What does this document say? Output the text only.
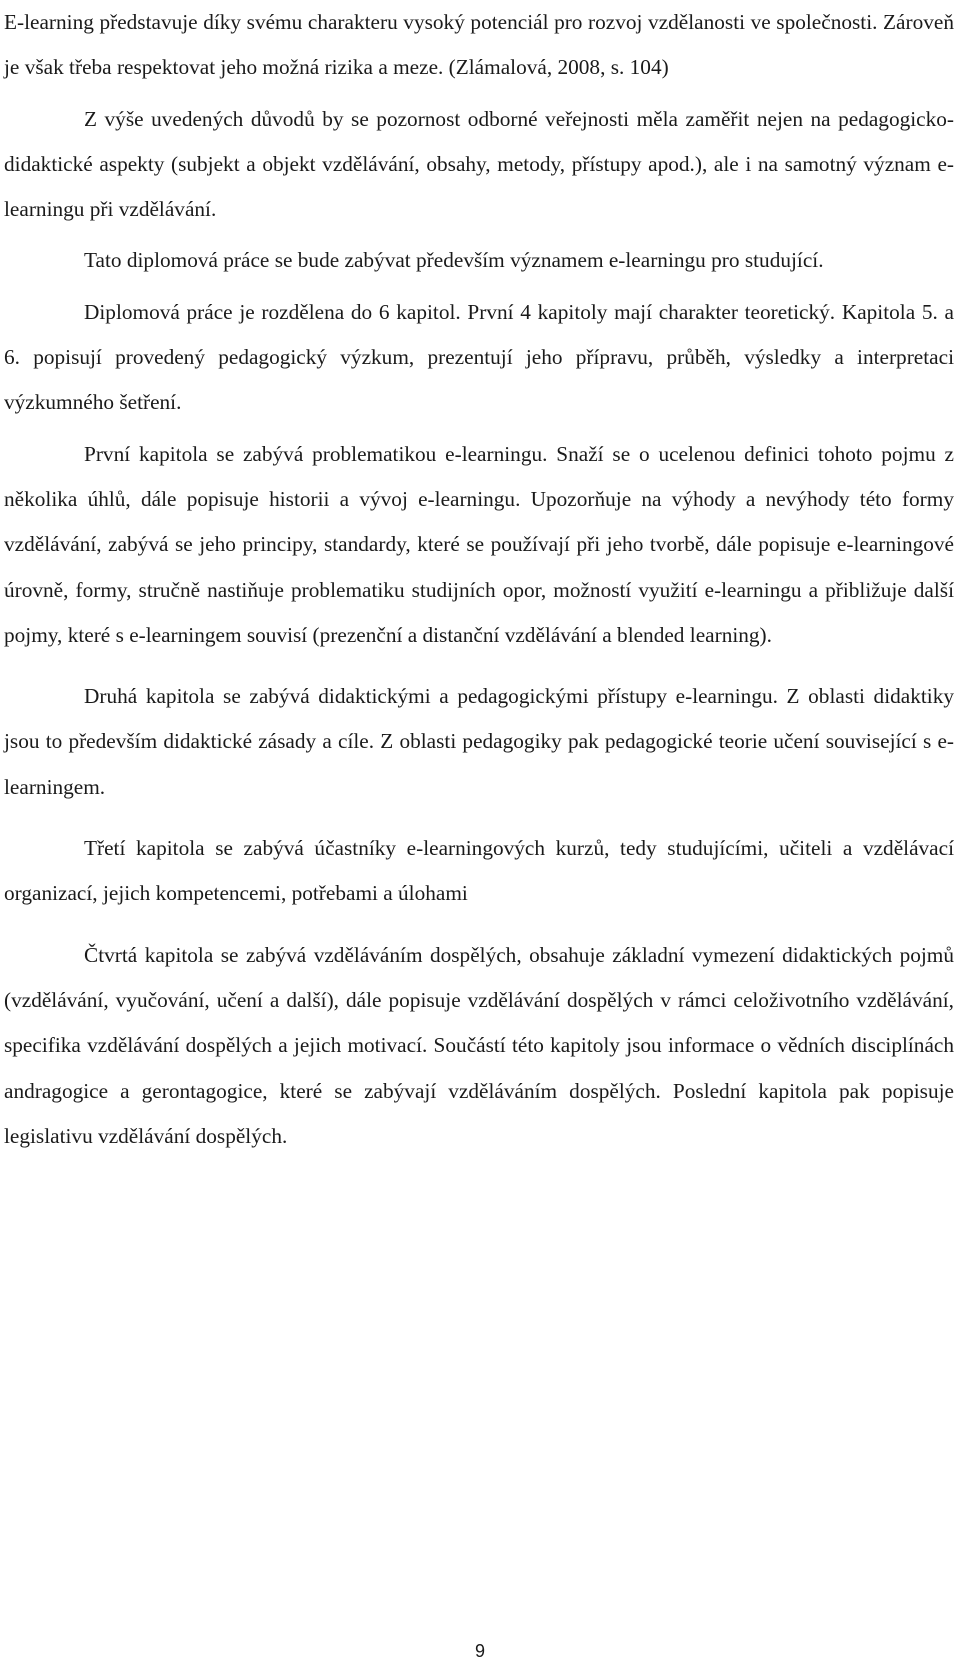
E-learning představuje díky svému charakteru vysoký potenciál pro rozvoj vzdělanosti ve společnosti. Zároveň je však třeba respektovat jeho možná rizika a meze. (Zlámalová, 2008, s. 104)

Z výše uvedených důvodů by se pozornost odborné veřejnosti měla zaměřit nejen na pedagogicko-didaktické aspekty (subjekt a objekt vzdělávání, obsahy, metody, přístupy apod.), ale i na samotný význam e-learningu při vzdělávání.

Tato diplomová práce se bude zabývat především významem e-learningu pro studující.

Diplomová práce je rozdělena do 6 kapitol. První 4 kapitoly mají charakter teoretický. Kapitola 5. a 6. popisují provedený pedagogický výzkum, prezentují jeho přípravu, průběh, výsledky a interpretaci výzkumného šetření.

První kapitola se zabývá problematikou e-learningu. Snaží se o ucelenou definici tohoto pojmu z několika úhlů, dále popisuje historii a vývoj e-learningu. Upozorňuje na výhody a nevýhody této formy vzdělávání, zabývá se jeho principy, standardy, které se používají při jeho tvorbě, dále popisuje e-learningové úrovně, formy, stručně nastiňuje problematiku studijních opor, možností využití e-learningu a přibližuje další pojmy, které s e-learningem souvisí (prezenční a distanční vzdělávání a blended learning).

Druhá kapitola se zabývá didaktickými a pedagogickými přístupy e-learningu. Z oblasti didaktiky jsou to především didaktické zásady a cíle. Z oblasti pedagogiky pak pedagogické teorie učení související s e-learningem.

Třetí kapitola se zabývá účastníky e-learningových kurzů, tedy studujícími, učiteli a vzdělávací organizací, jejich kompetencemi, potřebami a úlohami

Čtvrtá kapitola se zabývá vzděláváním dospělých, obsahuje základní vymezení didaktických pojmů (vzdělávání, vyučování, učení a další), dále popisuje vzdělávání dospělých v rámci celoživotního vzdělávání, specifika vzdělávání dospělých a jejich motivací. Součástí této kapitoly jsou informace o vědních disciplínách andragogice a gerontagogice, které se zabývají vzděláváním dospělých. Poslední kapitola pak popisuje legislativu vzdělávání dospělých.

9
